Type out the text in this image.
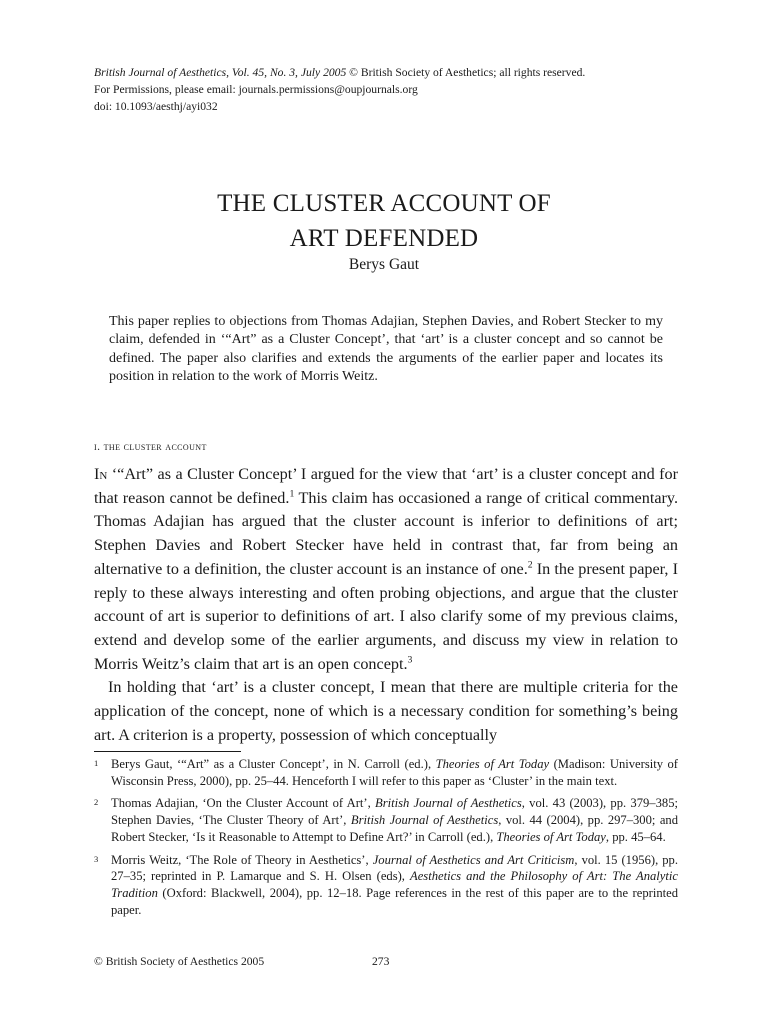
British Journal of Aesthetics, Vol. 45, No. 3, July 2005 © British Society of Aesthetics; all rights reserved.
For Permissions, please email: journals.permissions@oupjournals.org
doi: 10.1093/aesthj/ayi032
THE CLUSTER ACCOUNT OF
ART DEFENDED
Berys Gaut
This paper replies to objections from Thomas Adajian, Stephen Davies, and Robert Stecker to my claim, defended in ‘“Art” as a Cluster Concept’, that ‘art’ is a cluster concept and so cannot be defined. The paper also clarifies and extends the arguments of the earlier paper and locates its position in relation to the work of Morris Weitz.
i. the cluster account

In ‘“Art” as a Cluster Concept’ I argued for the view that ‘art’ is a cluster concept and for that reason cannot be defined.$^1$ This claim has occasioned a range of critical commentary. Thomas Adajian has argued that the cluster account is inferior to definitions of art; Stephen Davies and Robert Stecker have held in contrast that, far from being an alternative to a definition, the cluster account is an instance of one.$^2$ In the present paper, I reply to these always interesting and often probing objections, and argue that the cluster account of art is superior to definitions of art. I also clarify some of my previous claims, extend and develop some of the earlier arguments, and discuss my view in relation to Morris Weitz’s claim that art is an open concept.$^3$

In holding that ‘art’ is a cluster concept, I mean that there are multiple criteria for the application of the concept, none of which is a necessary condition for something’s being art. A criterion is a property, possession of which conceptually

1 Berys Gaut, ‘“Art” as a Cluster Concept’, in N. Carroll (ed.), Theories of Art Today (Madison: University of Wisconsin Press, 2000), pp. 25–44. Henceforth I will refer to this paper as ‘Cluster’ in the main text.
2 Thomas Adajian, ‘On the Cluster Account of Art’, British Journal of Aesthetics, vol. 43 (2003), pp. 379–385; Stephen Davies, ‘The Cluster Theory of Art’, British Journal of Aesthetics, vol. 44 (2004), pp. 297–300; and Robert Stecker, ‘Is it Reasonable to Attempt to Define Art?’ in Carroll (ed.), Theories of Art Today, pp. 45–64.
3 Morris Weitz, ‘The Role of Theory in Aesthetics’, Journal of Aesthetics and Art Criticism, vol. 15 (1956), pp. 27–35; reprinted in P. Lamarque and S. H. Olsen (eds), Aesthetics and the Philosophy of Art: The Analytic Tradition (Oxford: Blackwell, 2004), pp. 12–18. Page references in the rest of this paper are to the reprinted paper.
© British Society of Aesthetics 2005	273
